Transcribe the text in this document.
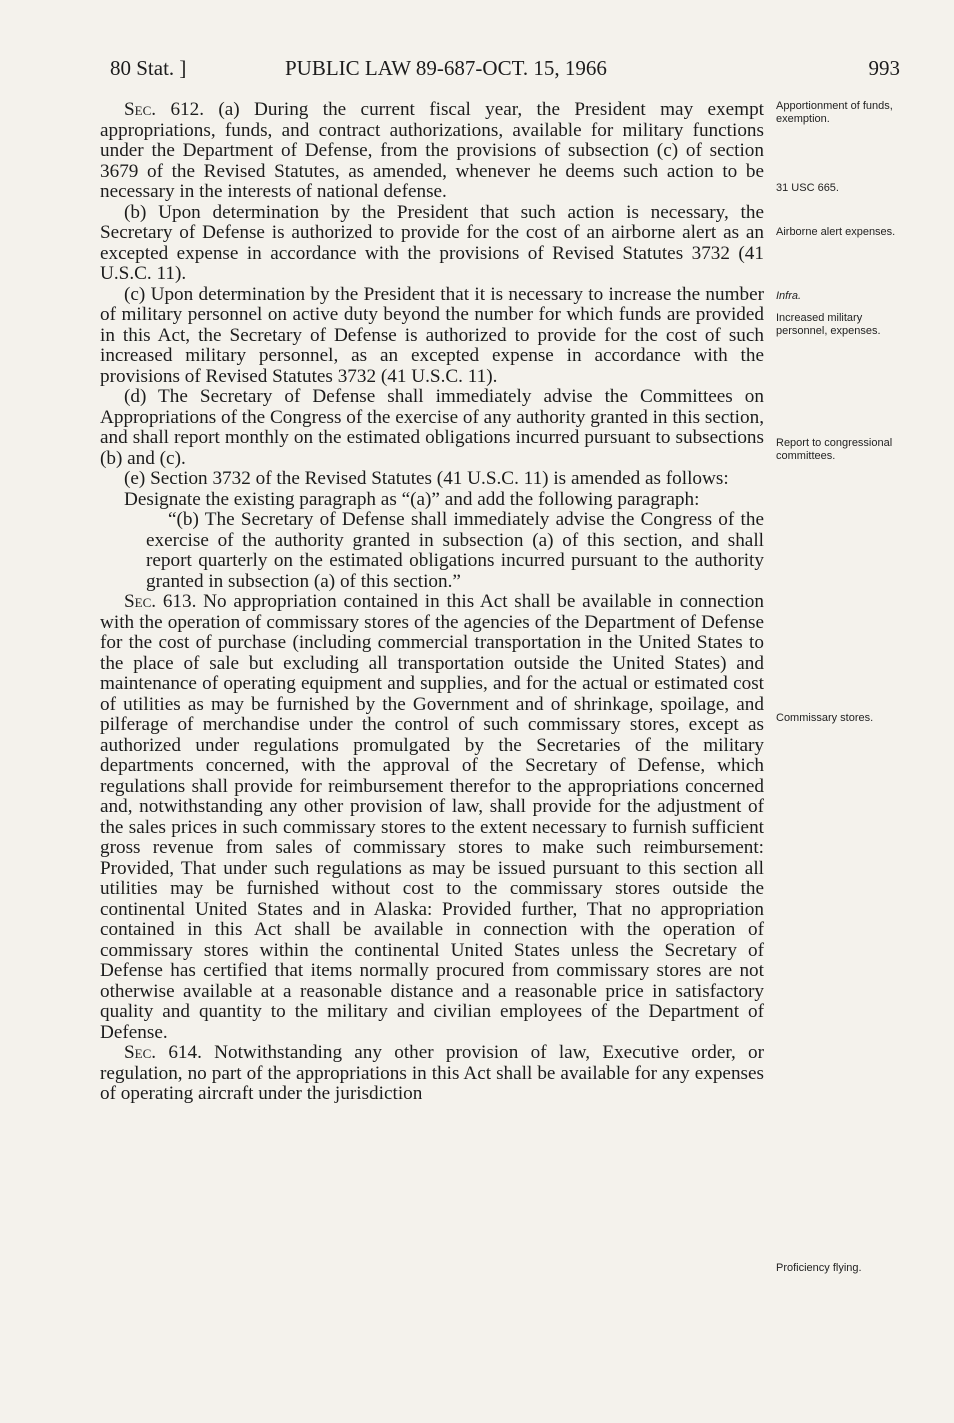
80 Stat. ]	PUBLIC LAW 89-687-OCT. 15, 1966	993

Sec. 612. (a) During the current fiscal year, the President may exempt appropriations, funds, and contract authorizations, available for military functions under the Department of Defense, from the provisions of subsection (c) of section 3679 of the Revised Statutes, as amended, whenever he deems such action to be necessary in the interests of national defense.

(b) Upon determination by the President that such action is necessary, the Secretary of Defense is authorized to provide for the cost of an airborne alert as an excepted expense in accordance with the provisions of Revised Statutes 3732 (41 U.S.C. 11).

(c) Upon determination by the President that it is necessary to increase the number of military personnel on active duty beyond the number for which funds are provided in this Act, the Secretary of Defense is authorized to provide for the cost of such increased military personnel, as an excepted expense in accordance with the provisions of Revised Statutes 3732 (41 U.S.C. 11).

(d) The Secretary of Defense shall immediately advise the Committees on Appropriations of the Congress of the exercise of any authority granted in this section, and shall report monthly on the estimated obligations incurred pursuant to subsections (b) and (c).

(e) Section 3732 of the Revised Statutes (41 U.S.C. 11) is amended as follows:

Designate the existing paragraph as “(a)” and add the following paragraph:

“(b) The Secretary of Defense shall immediately advise the Congress of the exercise of the authority granted in subsection (a) of this section, and shall report quarterly on the estimated obligations incurred pursuant to the authority granted in subsection (a) of this section.”

Sec. 613. No appropriation contained in this Act shall be available in connection with the operation of commissary stores of the agencies of the Department of Defense for the cost of purchase (including commercial transportation in the United States to the place of sale but excluding all transportation outside the United States) and maintenance of operating equipment and supplies, and for the actual or estimated cost of utilities as may be furnished by the Government and of shrinkage, spoilage, and pilferage of merchandise under the control of such commissary stores, except as authorized under regulations promulgated by the Secretaries of the military departments concerned, with the approval of the Secretary of Defense, which regulations shall provide for reimbursement therefor to the appropriations concerned and, notwithstanding any other provision of law, shall provide for the adjustment of the sales prices in such commissary stores to the extent necessary to furnish sufficient gross revenue from sales of commissary stores to make such reimbursement: Provided, That under such regulations as may be issued pursuant to this section all utilities may be furnished without cost to the commissary stores outside the continental United States and in Alaska: Provided further, That no appropriation contained in this Act shall be available in connection with the operation of commissary stores within the continental United States unless the Secretary of Defense has certified that items normally procured from commissary stores are not otherwise available at a reasonable distance and a reasonable price in satisfactory quality and quantity to the military and civilian employees of the Department of Defense.

Sec. 614. Notwithstanding any other provision of law, Executive order, or regulation, no part of the appropriations in this Act shall be available for any expenses of operating aircraft under the jurisdiction

Apportionment of funds, exemption.
31 USC 665.
Airborne alert expenses.
Infra.
Increased military personnel, expenses.
Report to congressional committees.
Commissary stores.
Proficiency flying.
